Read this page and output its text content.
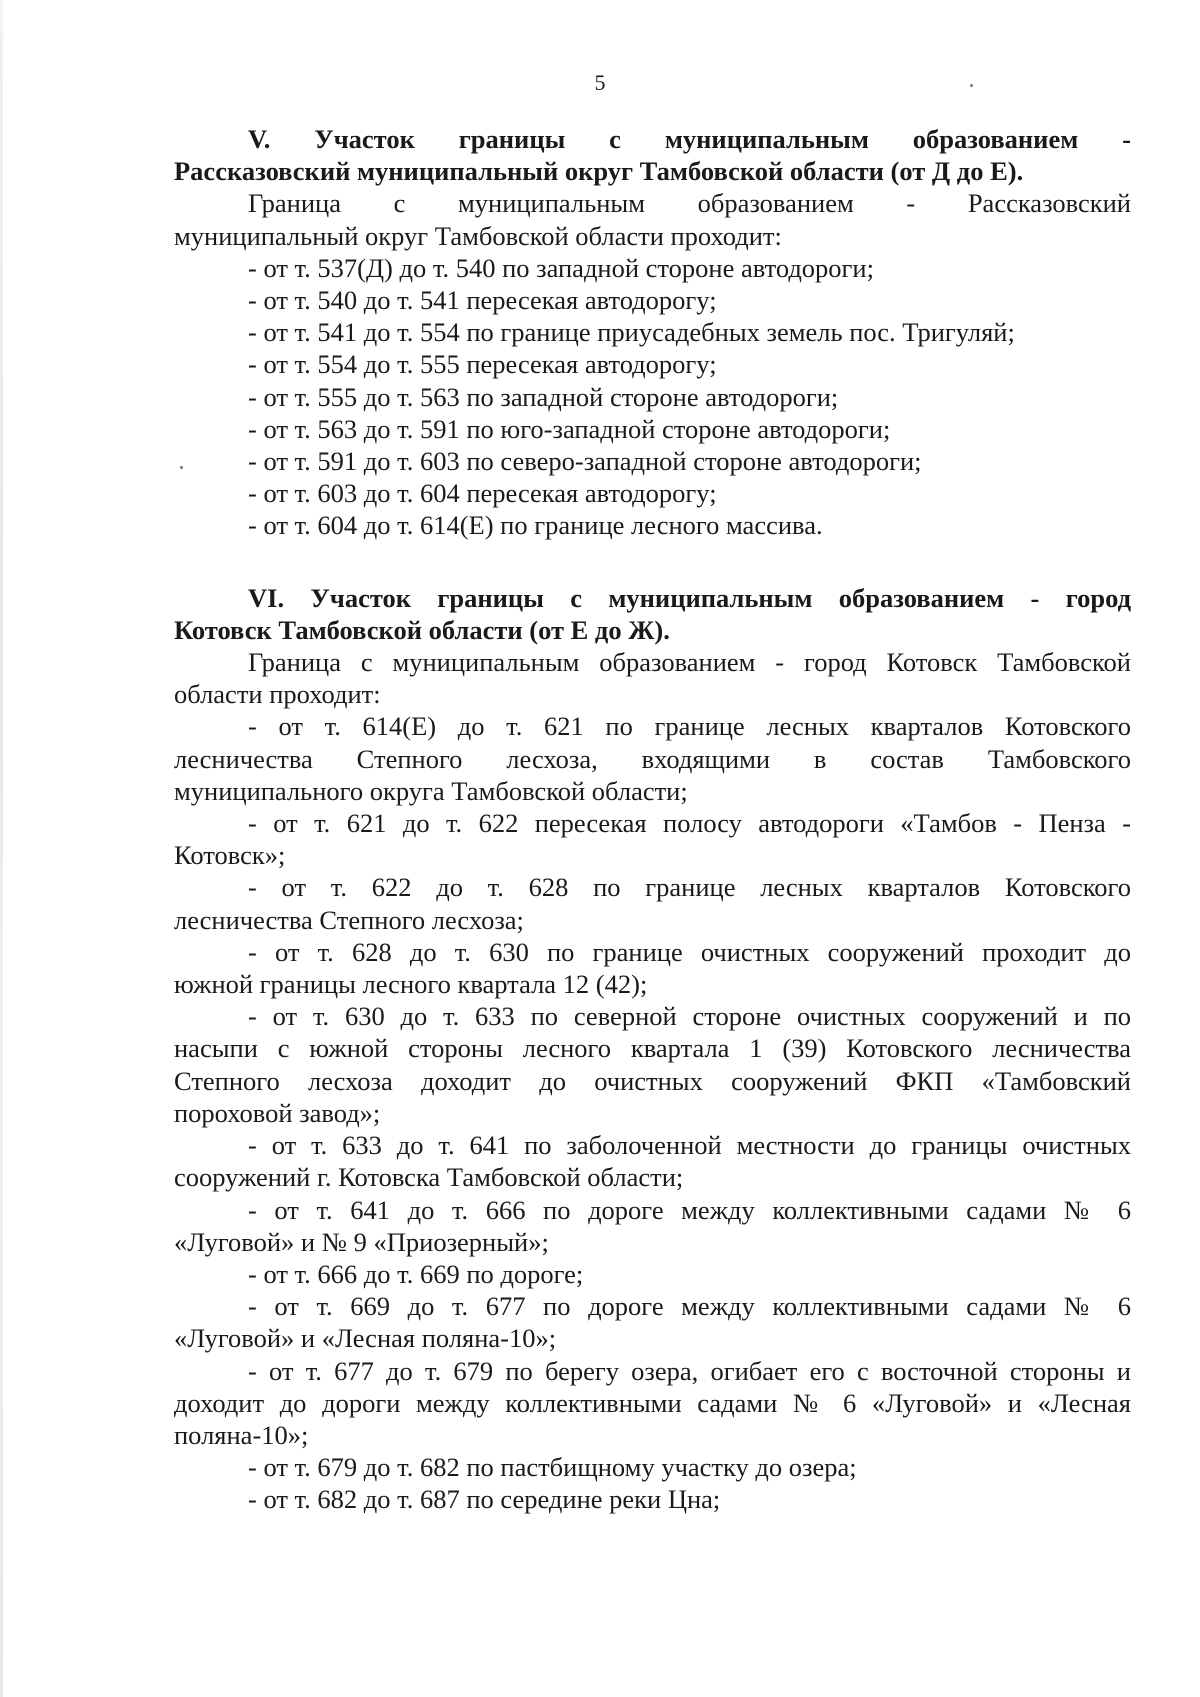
5

V. Участок границы с муниципальным образованием -

Рассказовский муниципальный округ Тамбовской области (от Д до Е).

Граница с муниципальным образованием - Рассказовский

муниципальный округ Тамбовской области проходит:

- от т. 537(Д) до т. 540 по западной стороне автодороги;

- от т. 540 до т. 541 пересекая автодорогу;

- от т. 541 до т. 554 по границе приусадебных земель пос. Тригуляй;

- от т. 554 до т. 555 пересекая автодорогу;

- от т. 555 до т. 563 по западной стороне автодороги;

- от т. 563 до т. 591 по юго-западной стороне автодороги;

- от т. 591 до т. 603 по северо-западной стороне автодороги;

- от т. 603 до т. 604 пересекая автодорогу;

- от т. 604 до т. 614(Е) по границе лесного массива.

VI. Участок границы с муниципальным образованием - город

Котовск Тамбовской области (от Е до Ж).

Граница с муниципальным образованием - город Котовск Тамбовской

области проходит:

- от т. 614(Е) до т. 621 по границе лесных кварталов Котовского

лесничества Степного лесхоза, входящими в состав Тамбовского

муниципального округа Тамбовской области;

- от т. 621 до т. 622 пересекая полосу автодороги «Тамбов - Пенза -

Котовск»;

- от т. 622 до т. 628 по границе лесных кварталов Котовского

лесничества Степного лесхоза;

- от т. 628 до т. 630 по границе очистных сооружений проходит до

южной границы лесного квартала 12 (42);

- от т. 630 до т. 633 по северной стороне очистных сооружений и по

насыпи с южной стороны лесного квартала 1 (39) Котовского лесничества

Степного лесхоза доходит до очистных сооружений ФКП «Тамбовский

пороховой завод»;

- от т. 633 до т. 641 по заболоченной местности до границы очистных

сооружений г. Котовска Тамбовской области;

- от т. 641 до т. 666 по дороге между коллективными садами № 6

«Луговой» и № 9 «Приозерный»;

- от т. 666 до т. 669 по дороге;

- от т. 669 до т. 677 по дороге между коллективными садами № 6

«Луговой» и «Лесная поляна-10»;

- от т. 677 до т. 679 по берегу озера, огибает его с восточной стороны и

доходит до дороги между коллективными садами № 6 «Луговой» и «Лесная

поляна-10»;

- от т. 679 до т. 682 по пастбищному участку до озера;

- от т. 682 до т. 687 по середине реки Цна;
